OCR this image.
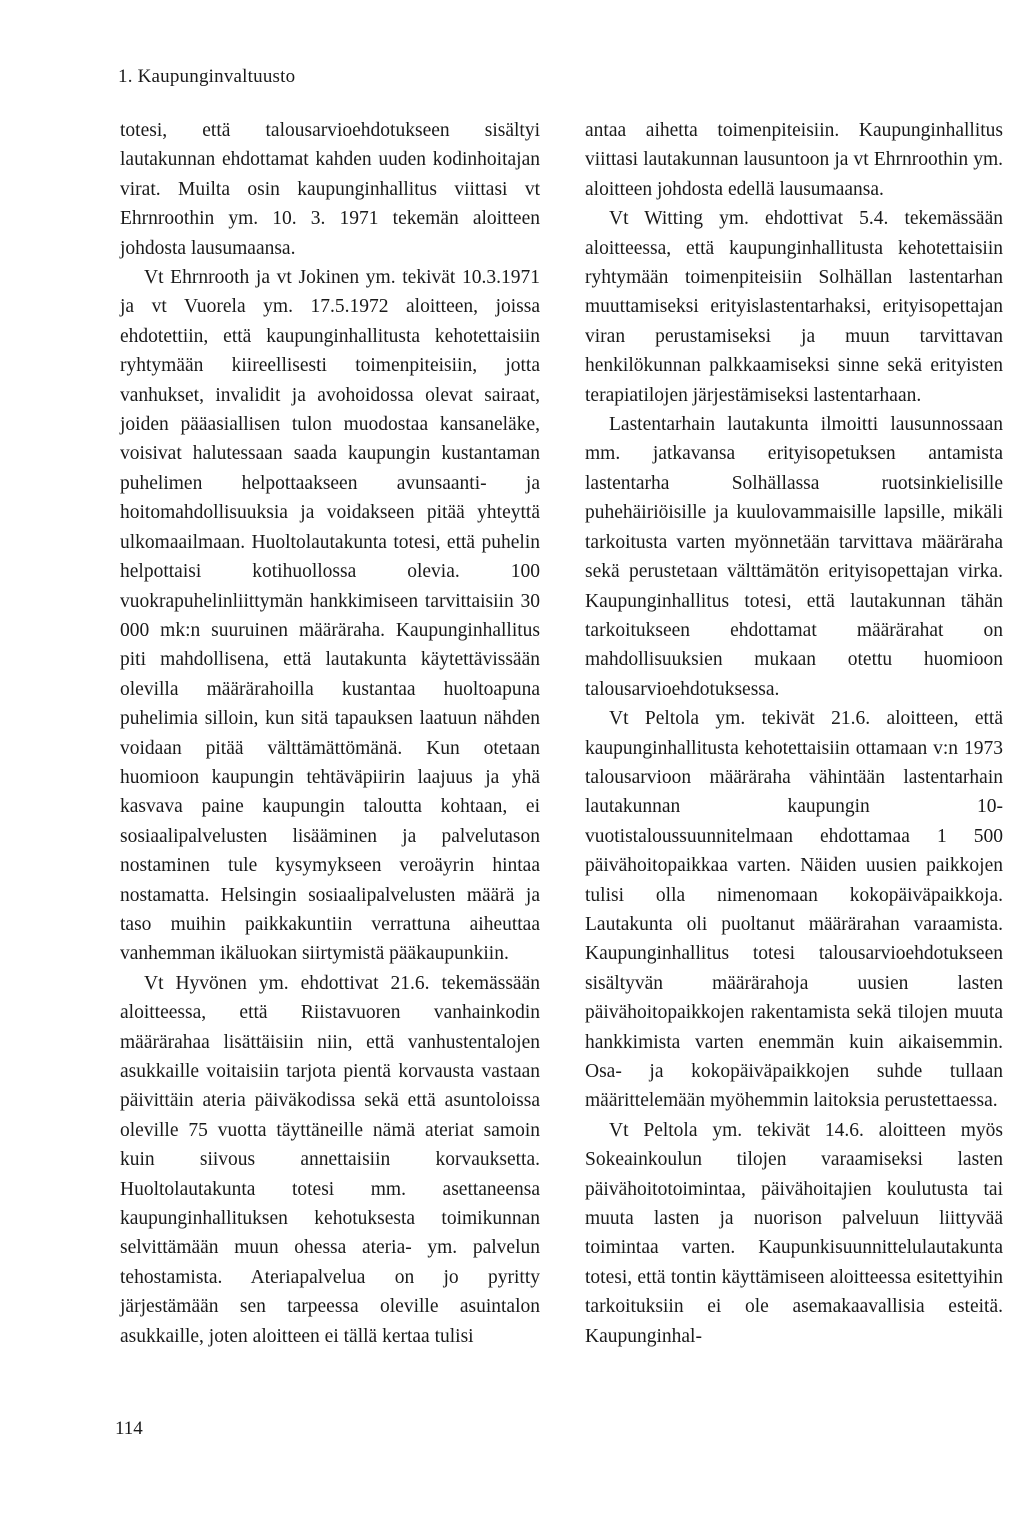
1. Kaupunginvaltuusto

totesi, että talousarvioehdotukseen sisältyi lautakunnan ehdottamat kahden uuden kodinhoitajan virat. Muilta osin kaupunginhallitus viittasi vt Ehrnroothin ym. 10. 3. 1971 tekemän aloitteen johdosta lausumaansa.

Vt Ehrnrooth ja vt Jokinen ym. tekivät 10.3.1971 ja vt Vuorela ym. 17.5.1972 aloitteen, joissa ehdotettiin, että kaupunginhallitusta kehotettaisiin ryhtymään kiireellisesti toimenpiteisiin, jotta vanhukset, invalidit ja avohoidossa olevat sairaat, joiden pääasiallisen tulon muodostaa kansaneläke, voisivat halutessaan saada kaupungin kustantaman puhelimen helpottaakseen avunsaanti- ja hoitomahdollisuuksia ja voidakseen pitää yhteyttä ulkomaailmaan. Huoltolautakunta totesi, että puhelin helpottaisi kotihuollossa olevia. 100 vuokrapuhelinliittymän hankkimiseen tarvittaisiin 30 000 mk:n suuruinen määräraha. Kaupunginhallitus piti mahdollisena, että lautakunta käytettävissään olevilla määrärahoilla kustantaa huoltoapuna puhelimia silloin, kun sitä tapauksen laatuun nähden voidaan pitää välttämättömänä. Kun otetaan huomioon kaupungin tehtäväpiirin laajuus ja yhä kasvava paine kaupungin taloutta kohtaan, ei sosiaalipalvelusten lisääminen ja palvelutason nostaminen tule kysymykseen veroäyrin hintaa nostamatta. Helsingin sosiaalipalvelusten määrä ja taso muihin paikkakuntiin verrattuna aiheuttaa vanhemman ikäluokan siirtymistä pääkaupunkiin.

Vt Hyvönen ym. ehdottivat 21.6. tekemässään aloitteessa, että Riistavuoren vanhainkodin määrärahaa lisättäisiin niin, että vanhustentalojen asukkaille voitaisiin tarjota pientä korvausta vastaan päivittäin ateria päiväkodissa sekä että asuntoloissa oleville 75 vuotta täyttäneille nämä ateriat samoin kuin siivous annettaisiin korvauksetta. Huoltolautakunta totesi mm. asettaneensa kaupunginhallituksen kehotuksesta toimikunnan selvittämään muun ohessa ateria- ym. palvelun tehostamista. Ateriapalvelua on jo pyritty järjestämään sen tarpeessa oleville asuintalon asukkaille, joten aloitteen ei tällä kertaa tulisi

antaa aihetta toimenpiteisiin. Kaupunginhallitus viittasi lautakunnan lausuntoon ja vt Ehrnroothin ym. aloitteen johdosta edellä lausumaansa.

Vt Witting ym. ehdottivat 5.4. tekemässään aloitteessa, että kaupunginhallitusta kehotettaisiin ryhtymään toimenpiteisiin Solhällan lastentarhan muuttamiseksi erityislastentarhaksi, erityisopettajan viran perustamiseksi ja muun tarvittavan henkilökunnan palkkaamiseksi sinne sekä erityisten terapiatilojen järjestämiseksi lastentarhaan.

Lastentarhain lautakunta ilmoitti lausunnossaan mm. jatkavansa erityisopetuksen antamista lastentarha Solhällassa ruotsinkielisille puhehäiriöisille ja kuulovammaisille lapsille, mikäli tarkoitusta varten myönnetään tarvittava määräraha sekä perustetaan välttämätön erityisopettajan virka. Kaupunginhallitus totesi, että lautakunnan tähän tarkoitukseen ehdottamat määrärahat on mahdollisuuksien mukaan otettu huomioon talousarvioehdotuksessa.

Vt Peltola ym. tekivät 21.6. aloitteen, että kaupunginhallitusta kehotettaisiin ottamaan v:n 1973 talousarvioon määräraha vähintään lastentarhain lautakunnan kaupungin 10-vuotistaloussuunnitelmaan ehdottamaa 1 500 päivähoitopaikkaa varten. Näiden uusien paikkojen tulisi olla nimenomaan kokopäiväpaikkoja. Lautakunta oli puoltanut määrärahan varaamista. Kaupunginhallitus totesi talousarvioehdotukseen sisältyvän määrärahoja uusien lasten päivähoitopaikkojen rakentamista sekä tilojen muuta hankkimista varten enemmän kuin aikaisemmin. Osa- ja kokopäiväpaikkojen suhde tullaan määrittelemään myöhemmin laitoksia perustettaessa.

Vt Peltola ym. tekivät 14.6. aloitteen myös Sokeainkoulun tilojen varaamiseksi lasten päivähoitotoimintaa, päivähoitajien koulutusta tai muuta lasten ja nuorison palveluun liittyvää toimintaa varten. Kaupunkisuunnittelulautakunta totesi, että tontin käyttämiseen aloitteessa esitettyihin tarkoituksiin ei ole asemakaavallisia esteitä. Kaupunginhal-

114
